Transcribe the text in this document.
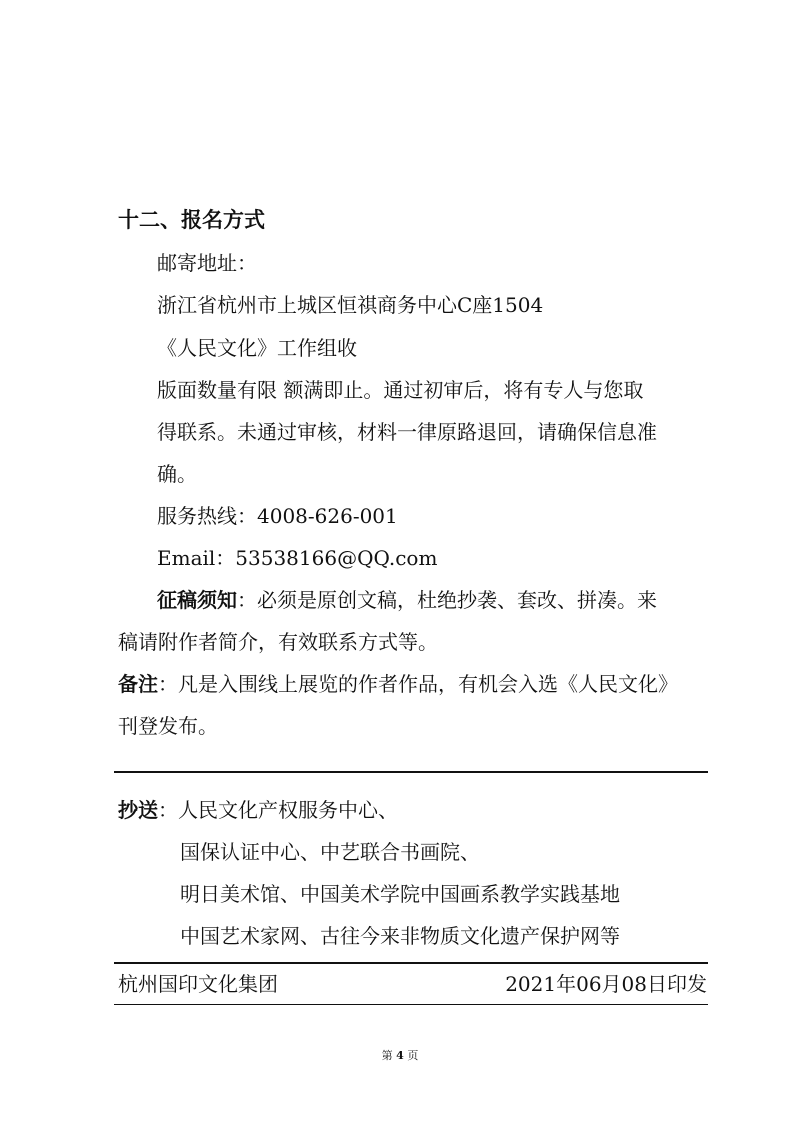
十二、报名方式
邮寄地址：
浙江省杭州市上城区恒祺商务中心C座1504
《人民文化》工作组收
版面数量有限 额满即止。通过初审后，将有专人与您取
得联系。未通过审核，材料一律原路退回，请确保信息准
确。
服务热线：4008-626-001
Email：53538166@QQ.com
征稿须知：必须是原创文稿，杜绝抄袭、套改、拼凑。来
稿请附作者简介，有效联系方式等。
备注：凡是入围线上展览的作者作品，有机会入选《人民文化》
刊登发布。
抄送：人民文化产权服务中心、
国保认证中心、中艺联合书画院、
明日美术馆、中国美术学院中国画系教学实践基地
中国艺术家网、古往今来非物质文化遗产保护网等
杭州国印文化集团	2021年06月08日印发
第 4 页
